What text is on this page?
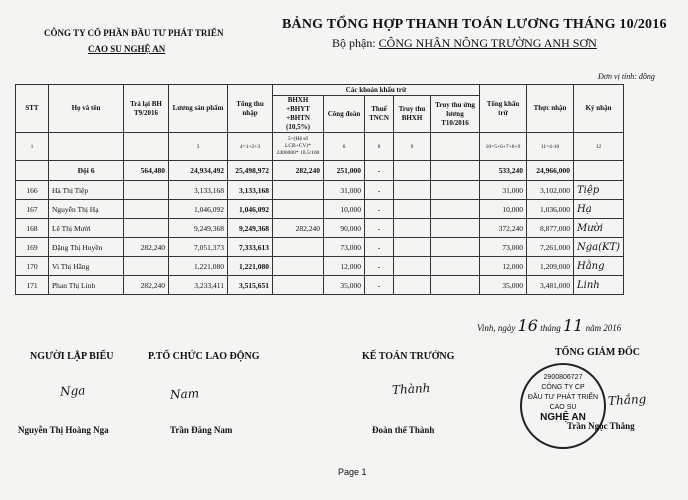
CÔNG TY CỔ PHẦN ĐẦU TƯ PHÁT TRIỂN
CAO SU NGHỆ AN
BẢNG TỔNG HỢP THANH TOÁN LƯƠNG THÁNG 10/2016
Bộ phận: CÔNG NHÂN NÔNG TRƯỜNG ANH SƠN
Đơn vị tính: đồng
STT	Họ và tên	Trả lại BH T9/2016	Lương sản phẩm	Tổng thu nhập	Các khoản khấu trừ					Tổng khấu trừ	Thực nhận	Ký nhận
					BHXH +BHYT +BHTN (10,5%)	Công đoàn	Thuế TNCN	Truy thu BHXH	Truy thu ứng lương T10/2016			
1			3	4=1+2+3	5=(Hệ số LCB+CV)* 2400000* 10.5/100	6	8	9		10=5+6+7+8+9	11=4-10	12
	Đội 6	564,480	24,934,492	25,498,972	282,240	251,000	-			533,240	24,966,000	
166	Hà Thị Tiệp		3,133,168	3,133,168		31,000	-			31,000	3,102,000	Tiệp
167	Nguyễn Thị Hạ		1,046,092	1,046,092		10,000	-			10,000	1,036,000	Hạ
168	Lê Thị Mười		9,249,368	9,249,368	282,240	90,000	-			372,240	8,877,000	Mười
169	Đặng Thị Huyền	282,240	7,051,373	7,333,613		73,000	-			73,000	7,261,000	Nga(KT)
170	Vi Thị Hằng		1,221,080	1,221,080		12,000	-			12,000	1,209,000	Hằng
171	Phan Thị Linh	282,240	3,233,411	3,515,651		35,000	-			35,000	3,481,000	Linh
Vinh, ngày 16 tháng 11 năm 2016
NGƯỜI LẬP BIỂU	P.TỔ CHỨC LAO ĐỘNG	KẾ TOÁN TRƯỞNG	TỔNG GIÁM ĐỐC
Nga	Nam	Thành
Thắng
2900806727
CÔNG TY CP
ĐẦU TƯ PHÁT TRIỂN
CAO SU
NGHỆ AN
Nguyễn Thị Hoàng Nga	Trần Đăng Nam	Đoàn thế Thành	Trần Ngọc Thắng
Page 1
